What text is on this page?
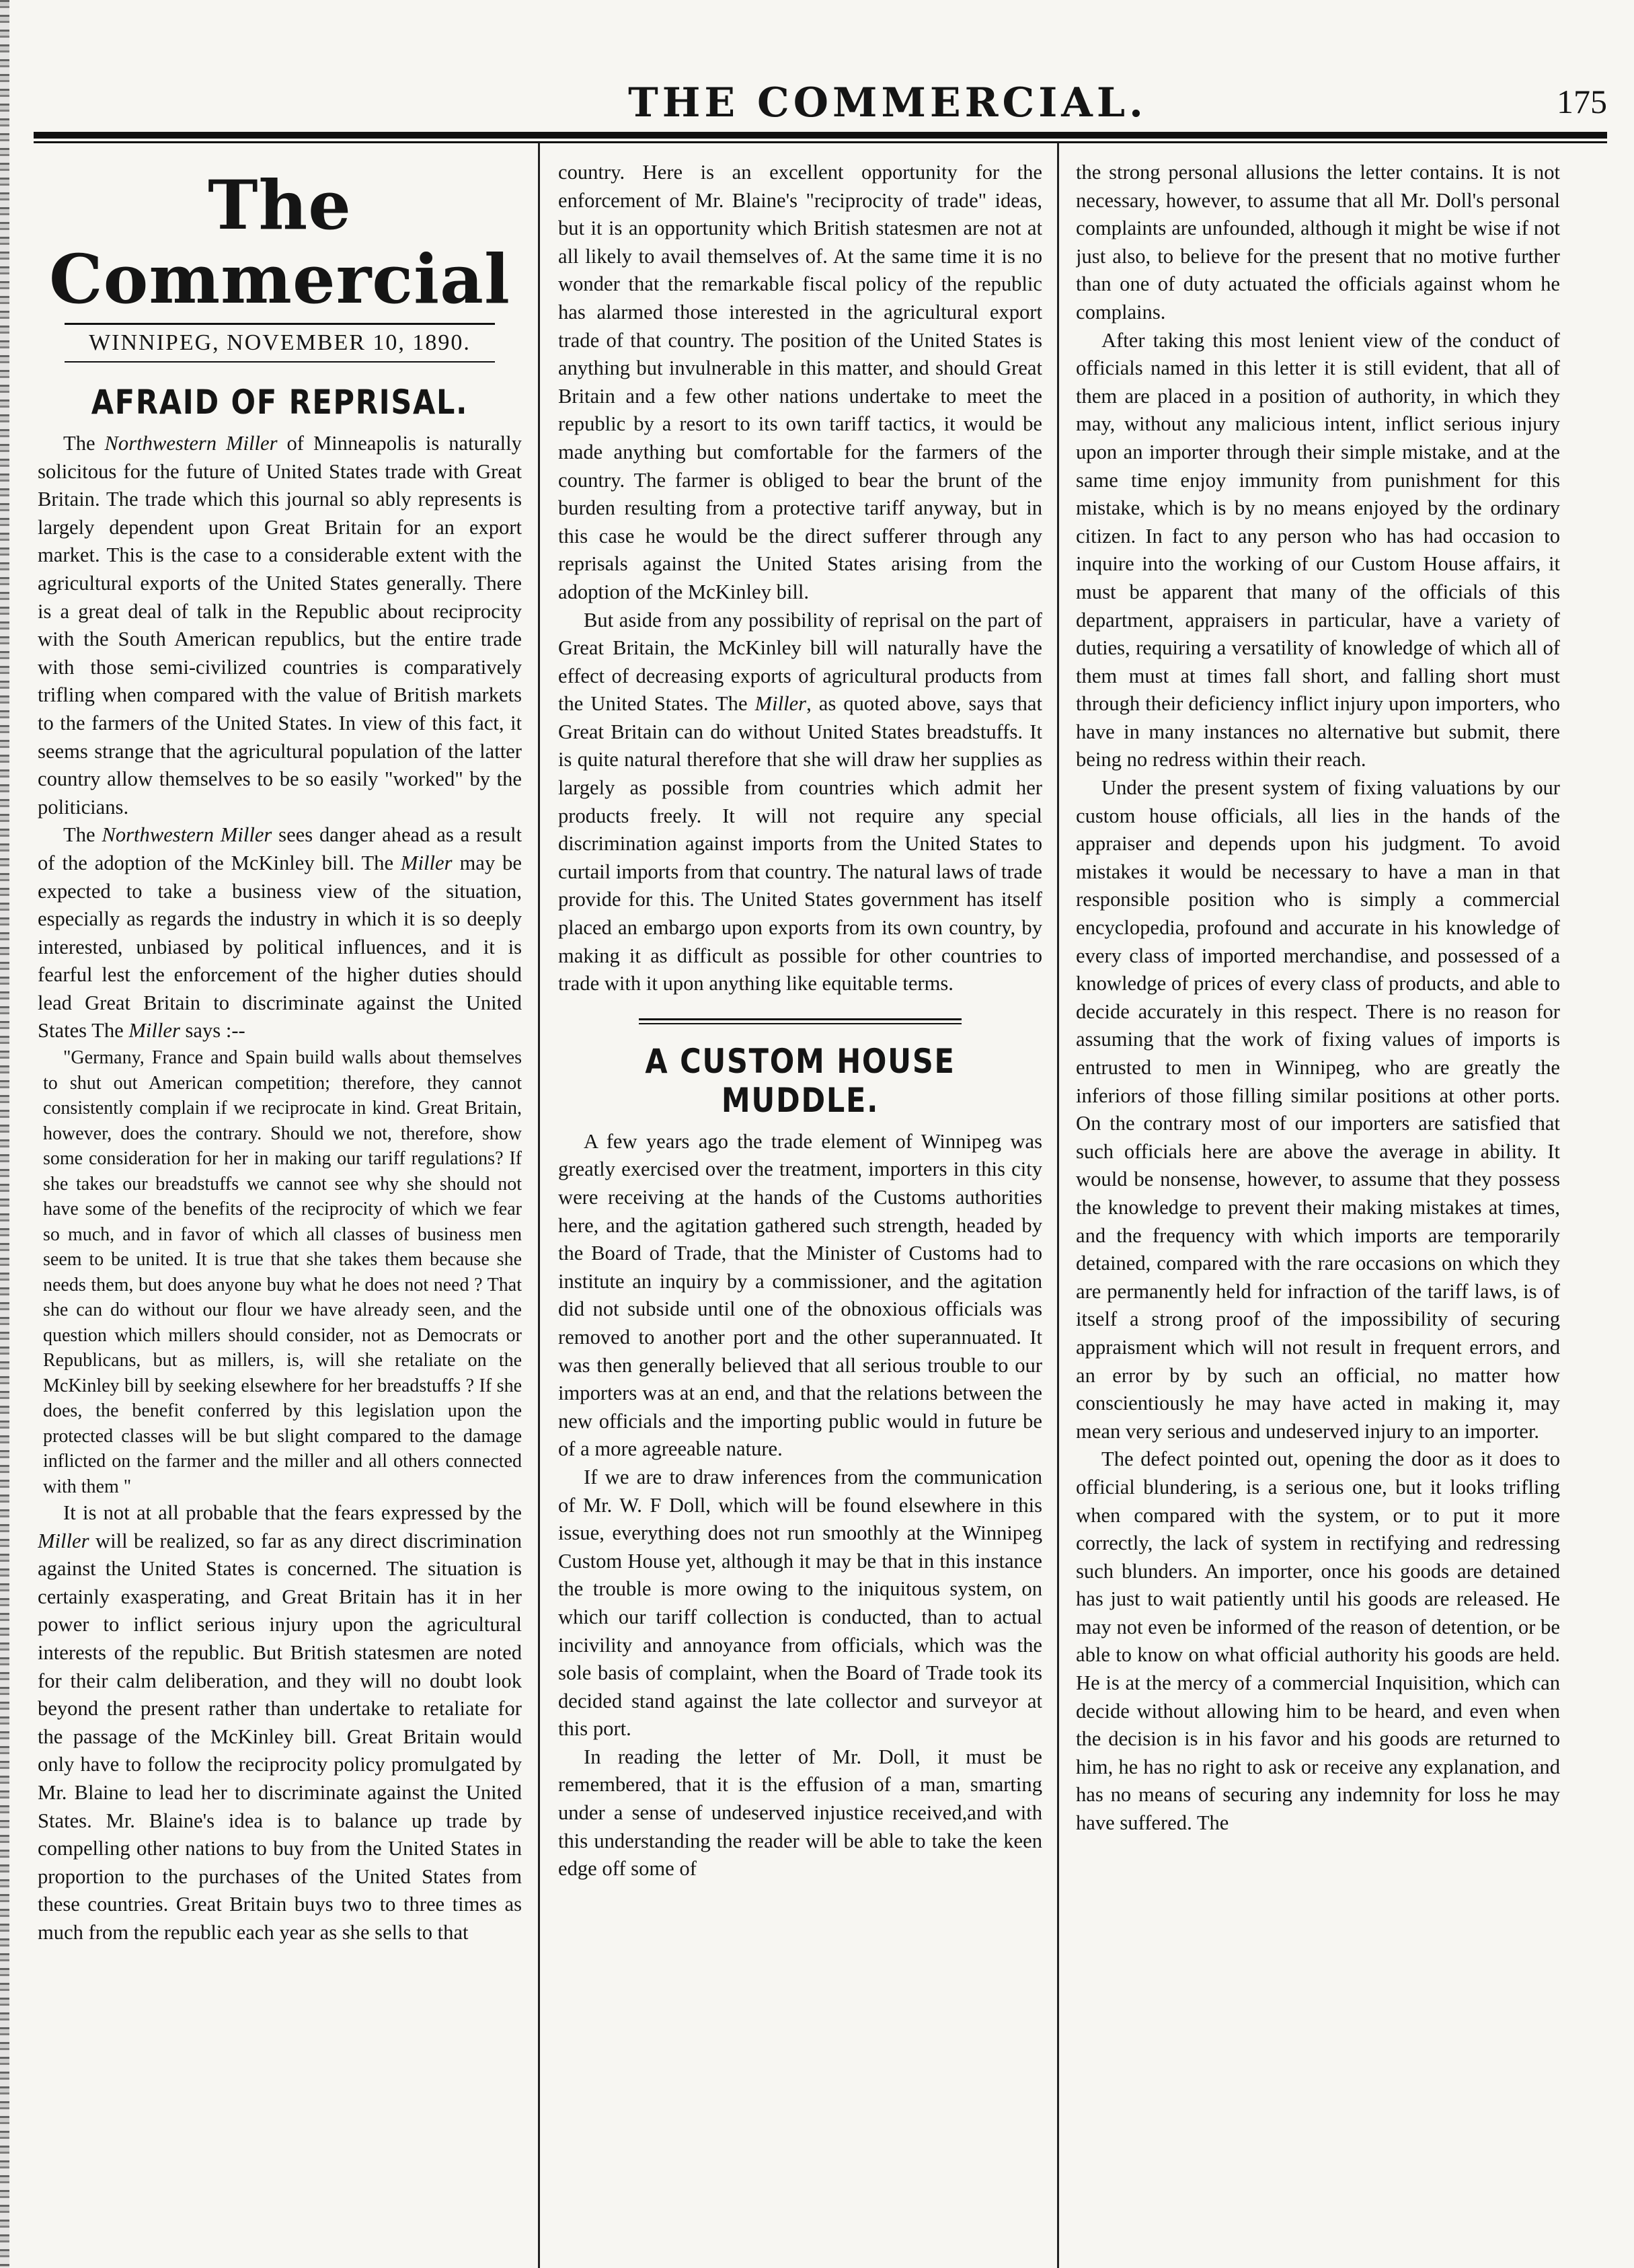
THE COMMERCIAL.	175
The Commercial
WINNIPEG, NOVEMBER 10, 1890.
AFRAID OF REPRISAL.

The Northwestern Miller of Minneapolis is naturally solicitous for the future of United States trade with Great Britain. The trade which this journal so ably represents is largely dependent upon Great Britain for an export market. This is the case to a considerable extent with the agricultural exports of the United States generally. There is a great deal of talk in the Republic about reciprocity with the South American republics, but the entire trade with those semi-civilized countries is comparatively trifling when compared with the value of British markets to the farmers of the United States. In view of this fact, it seems strange that the agricultural population of the latter country allow themselves to be so easily "worked" by the politicians.

The Northwestern Miller sees danger ahead as a result of the adoption of the McKinley bill. The Miller may be expected to take a business view of the situation, especially as regards the industry in which it is so deeply interested, unbiased by political influences, and it is fearful lest the enforcement of the higher duties should lead Great Britain to discriminate against the United States The Miller says :--

"Germany, France and Spain build walls about themselves to shut out American competition; therefore, they cannot consistently complain if we reciprocate in kind. Great Britain, however, does the contrary. Should we not, therefore, show some consideration for her in making our tariff regulations? If she takes our breadstuffs we cannot see why she should not have some of the benefits of the reciprocity of which we fear so much, and in favor of which all classes of business men seem to be united. It is true that she takes them because she needs them, but does anyone buy what he does not need ? That she can do without our flour we have already seen, and the question which millers should consider, not as Democrats or Republicans, but as millers, is, will she retaliate on the McKinley bill by seeking elsewhere for her breadstuffs ? If she does, the benefit conferred by this legislation upon the protected classes will be but slight compared to the damage inflicted on the farmer and the miller and all others connected with them "

It is not at all probable that the fears expressed by the Miller will be realized, so far as any direct discrimination against the United States is concerned. The situation is certainly exasperating, and Great Britain has it in her power to inflict serious injury upon the agricultural interests of the republic. But British statesmen are noted for their calm deliberation, and they will no doubt look beyond the present rather than undertake to retaliate for the passage of the McKinley bill. Great Britain would only have to follow the reciprocity policy promulgated by Mr. Blaine to lead her to discriminate against the United States. Mr. Blaine's idea is to balance up trade by compelling other nations to buy from the United States in proportion to the purchases of the United States from these countries. Great Britain buys two to three times as much from the republic each year as she sells to that

country. Here is an excellent opportunity for the enforcement of Mr. Blaine's "reciprocity of trade" ideas, but it is an opportunity which British statesmen are not at all likely to avail themselves of. At the same time it is no wonder that the remarkable fiscal policy of the republic has alarmed those interested in the agricultural export trade of that country. The position of the United States is anything but invulnerable in this matter, and should Great Britain and a few other nations undertake to meet the republic by a resort to its own tariff tactics, it would be made anything but comfortable for the farmers of the country. The farmer is obliged to bear the brunt of the burden resulting from a protective tariff anyway, but in this case he would be the direct sufferer through any reprisals against the United States arising from the adoption of the McKinley bill.

But aside from any possibility of reprisal on the part of Great Britain, the McKinley bill will naturally have the effect of decreasing exports of agricultural products from the United States. The Miller, as quoted above, says that Great Britain can do without United States breadstuffs. It is quite natural therefore that she will draw her supplies as largely as possible from countries which admit her products freely. It will not require any special discrimination against imports from the United States to curtail imports from that country. The natural laws of trade provide for this. The United States government has itself placed an embargo upon exports from its own country, by making it as difficult as possible for other countries to trade with it upon anything like equitable terms.

A CUSTOM HOUSE MUDDLE.

A few years ago the trade element of Winnipeg was greatly exercised over the treatment, importers in this city were receiving at the hands of the Customs authorities here, and the agitation gathered such strength, headed by the Board of Trade, that the Minister of Customs had to institute an inquiry by a commissioner, and the agitation did not subside until one of the obnoxious officials was removed to another port and the other superannuated. It was then generally believed that all serious trouble to our importers was at an end, and that the relations between the new officials and the importing public would in future be of a more agreeable nature.

If we are to draw inferences from the communication of Mr. W. F Doll, which will be found elsewhere in this issue, everything does not run smoothly at the Winnipeg Custom House yet, although it may be that in this instance the trouble is more owing to the iniquitous system, on which our tariff collection is conducted, than to actual incivility and annoyance from officials, which was the sole basis of complaint, when the Board of Trade took its decided stand against the late collector and surveyor at this port.

In reading the letter of Mr. Doll, it must be remembered, that it is the effusion of a man, smarting under a sense of undeserved injustice received,and with this understanding the reader will be able to take the keen edge off some of

the strong personal allusions the letter contains. It is not necessary, however, to assume that all Mr. Doll's personal complaints are unfounded, although it might be wise if not just also, to believe for the present that no motive further than one of duty actuated the officials against whom he complains.

After taking this most lenient view of the conduct of officials named in this letter it is still evident, that all of them are placed in a position of authority, in which they may, without any malicious intent, inflict serious injury upon an importer through their simple mistake, and at the same time enjoy immunity from punishment for this mistake, which is by no means enjoyed by the ordinary citizen. In fact to any person who has had occasion to inquire into the working of our Custom House affairs, it must be apparent that many of the officials of this department, appraisers in particular, have a variety of duties, requiring a versatility of knowledge of which all of them must at times fall short, and falling short must through their deficiency inflict injury upon importers, who have in many instances no alternative but submit, there being no redress within their reach.

Under the present system of fixing valuations by our custom house officials, all lies in the hands of the appraiser and depends upon his judgment. To avoid mistakes it would be necessary to have a man in that responsible position who is simply a commercial encyclopedia, profound and accurate in his knowledge of every class of imported merchandise, and possessed of a knowledge of prices of every class of products, and able to decide accurately in this respect. There is no reason for assuming that the work of fixing values of imports is entrusted to men in Winnipeg, who are greatly the inferiors of those filling similar positions at other ports. On the contrary most of our importers are satisfied that such officials here are above the average in ability. It would be nonsense, however, to assume that they possess the knowledge to prevent their making mistakes at times, and the frequency with which imports are temporarily detained, compared with the rare occasions on which they are permanently held for infraction of the tariff laws, is of itself a strong proof of the impossibility of securing appraisment which will not result in frequent errors, and an error by by such an official, no matter how conscientiously he may have acted in making it, may mean very serious and undeserved injury to an importer.

The defect pointed out, opening the door as it does to official blundering, is a serious one, but it looks trifling when compared with the system, or to put it more correctly, the lack of system in rectifying and redressing such blunders. An importer, once his goods are detained has just to wait patiently until his goods are released. He may not even be informed of the reason of detention, or be able to know on what official authority his goods are held. He is at the mercy of a commercial Inquisition, which can decide without allowing him to be heard, and even when the decision is in his favor and his goods are returned to him, he has no right to ask or receive any explanation, and has no means of securing any indemnity for loss he may have suffered. The
